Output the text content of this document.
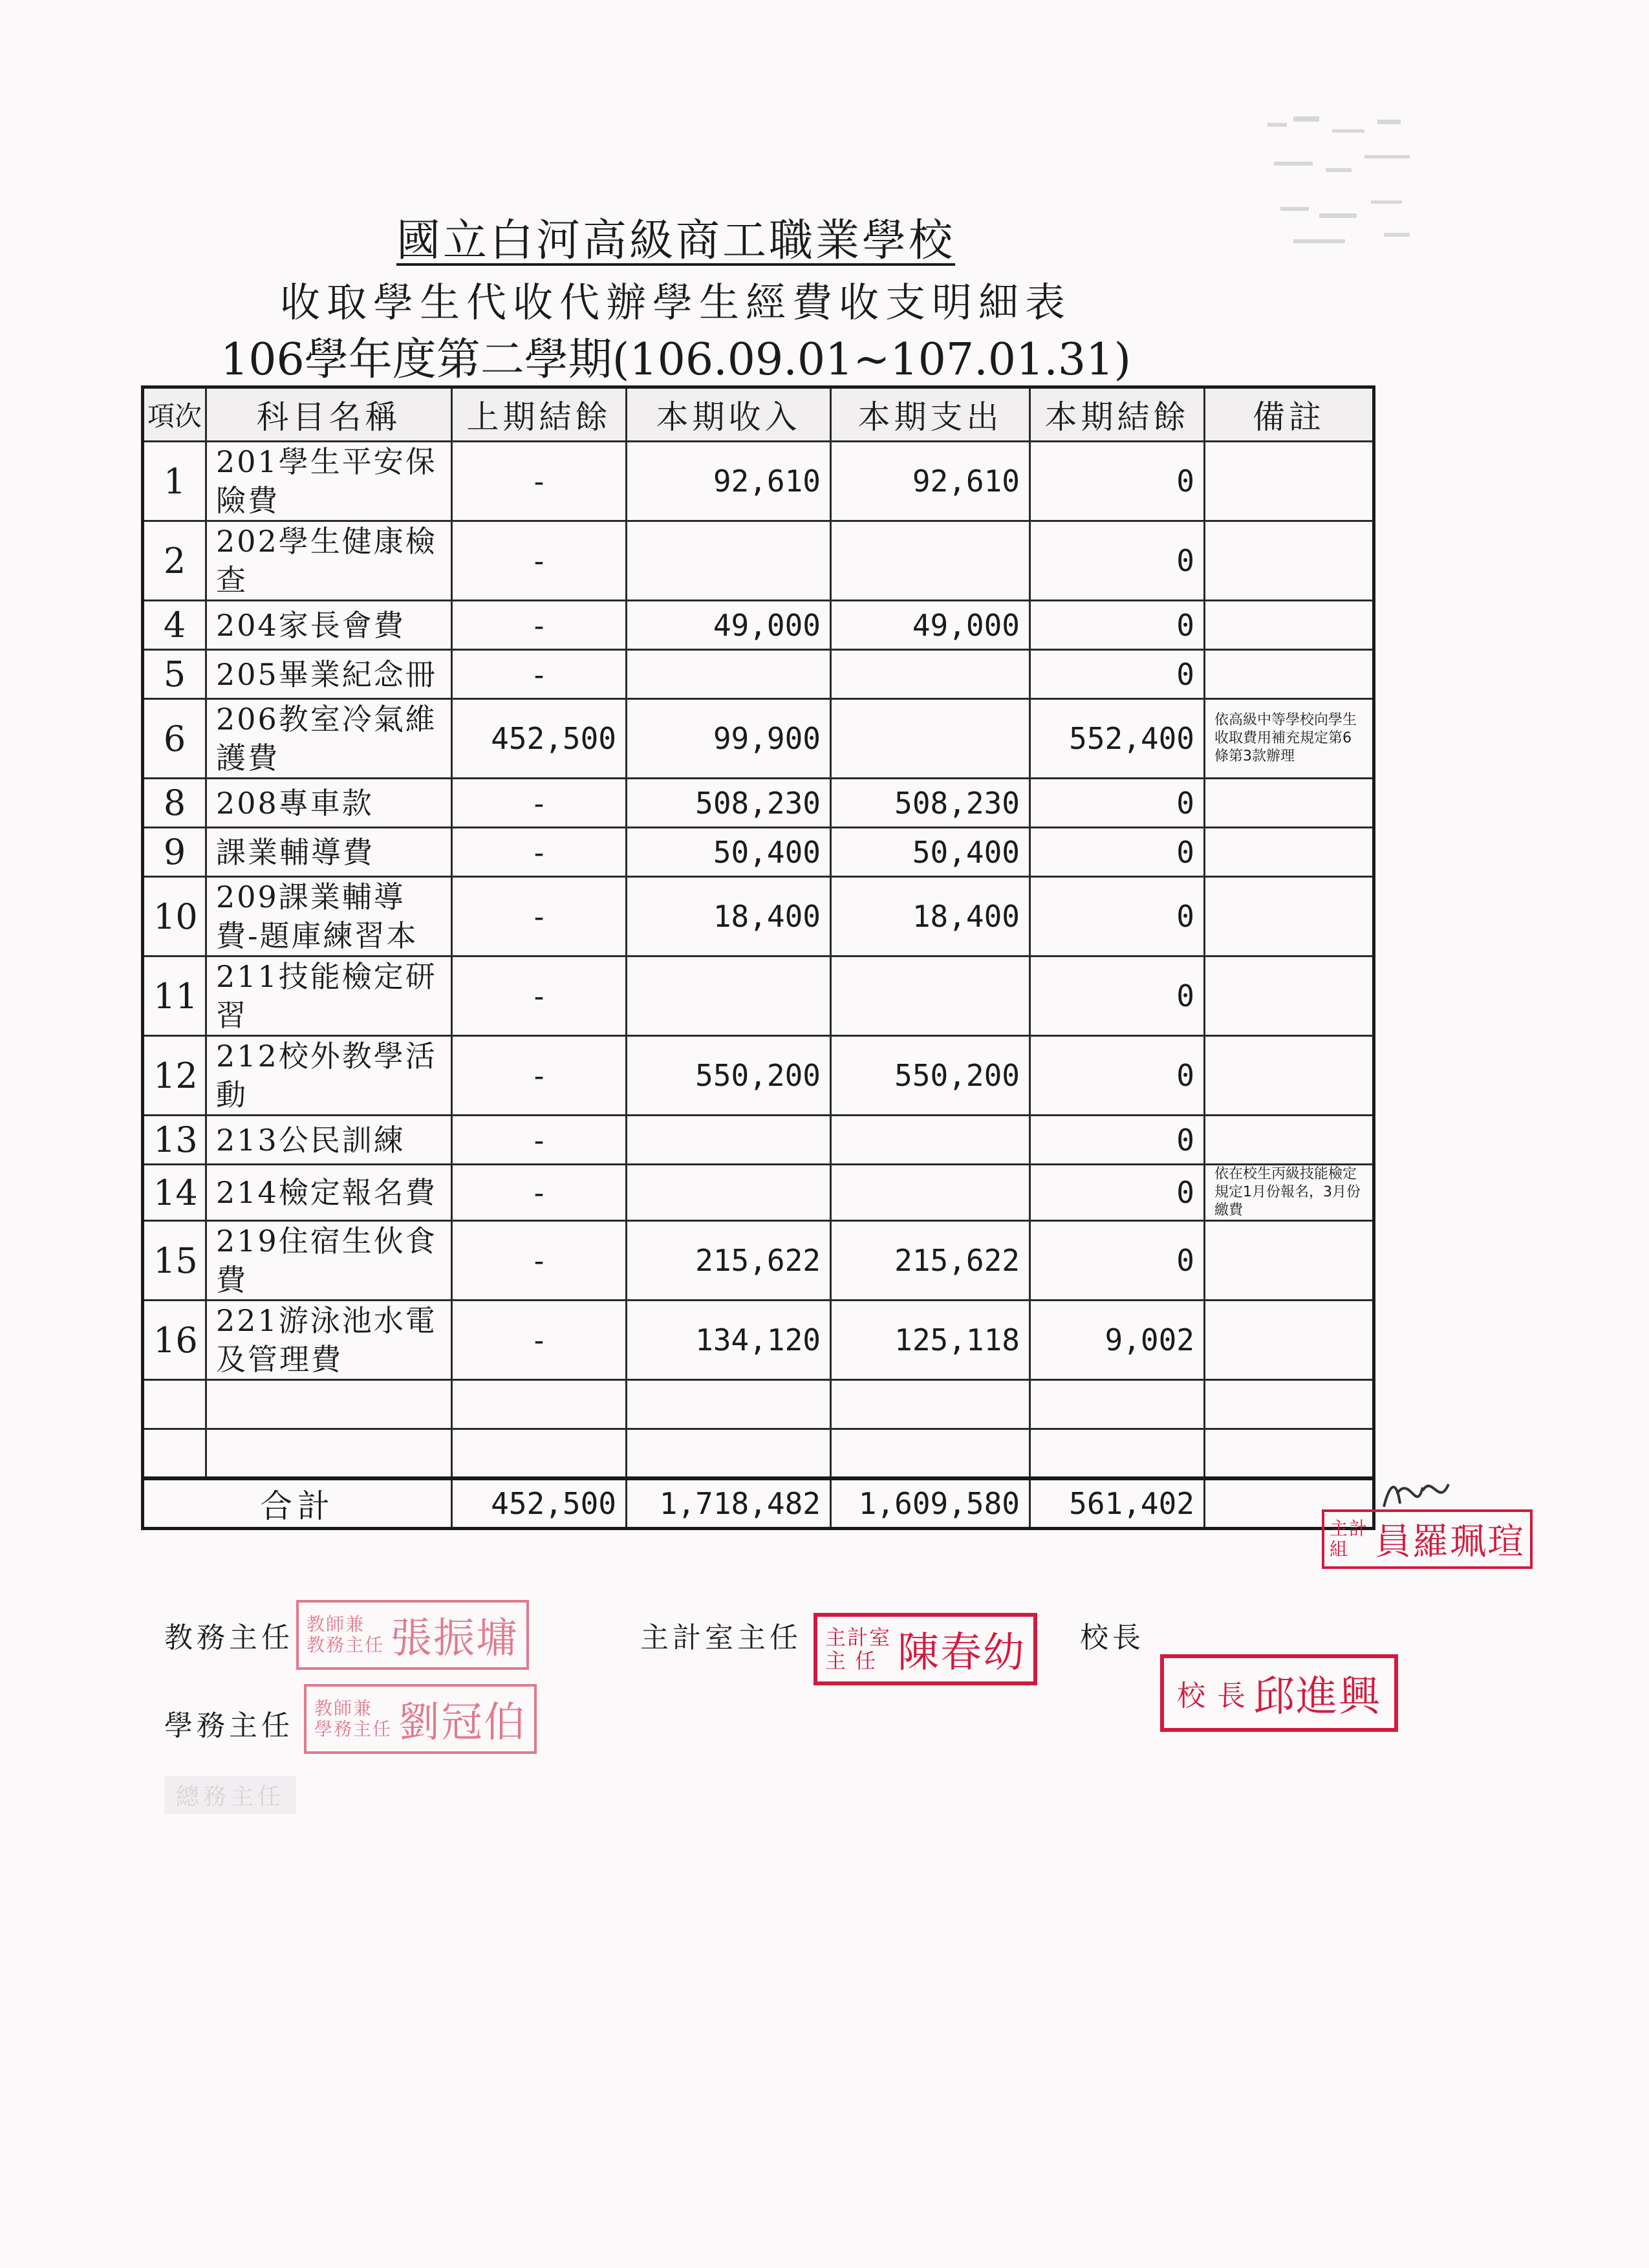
國立白河高級商工職業學校
收取學生代收代辦學生經費收支明細表
106學年度第二學期(106.09.01~107.01.31)
項次	科目名稱	上期結餘	本期收入	本期支出	本期結餘	備註
1	201學生平安保險費	-	92,610	92,610	0	
2	202學生健康檢查	-			0	
4	204家長會費	-	49,000	49,000	0	
5	205畢業紀念冊	-			0	
6	206教室冷氣維護費	452,500	99,900		552,400	依高級中等學校向學生收取費用補充規定第6條第3款辦理
8	208專車款	-	508,230	508,230	0	
9	課業輔導費	-	50,400	50,400	0	
10	209課業輔導費-題庫練習本	-	18,400	18,400	0	
11	211技能檢定研習	-			0	
12	212校外教學活動	-	550,200	550,200	0	
13	213公民訓練	-			0	
14	214檢定報名費	-			0	依在校生丙級技能檢定規定1月份報名，3月份繳費
15	219住宿生伙食費	-	215,622	215,622	0	
16	221游泳池水電及管理費	-	134,120	125,118	9,002	

合計		452,500	1,718,482	1,609,580	561,402	
主計
組 員羅珮瑄
教務主任 教師兼
教務主任 張振墉	主計室主任 主計室
主 任 陳春幼 校長
校 長 邱進興
學務主任
教師兼
學務主任 劉冠伯
總務主任
